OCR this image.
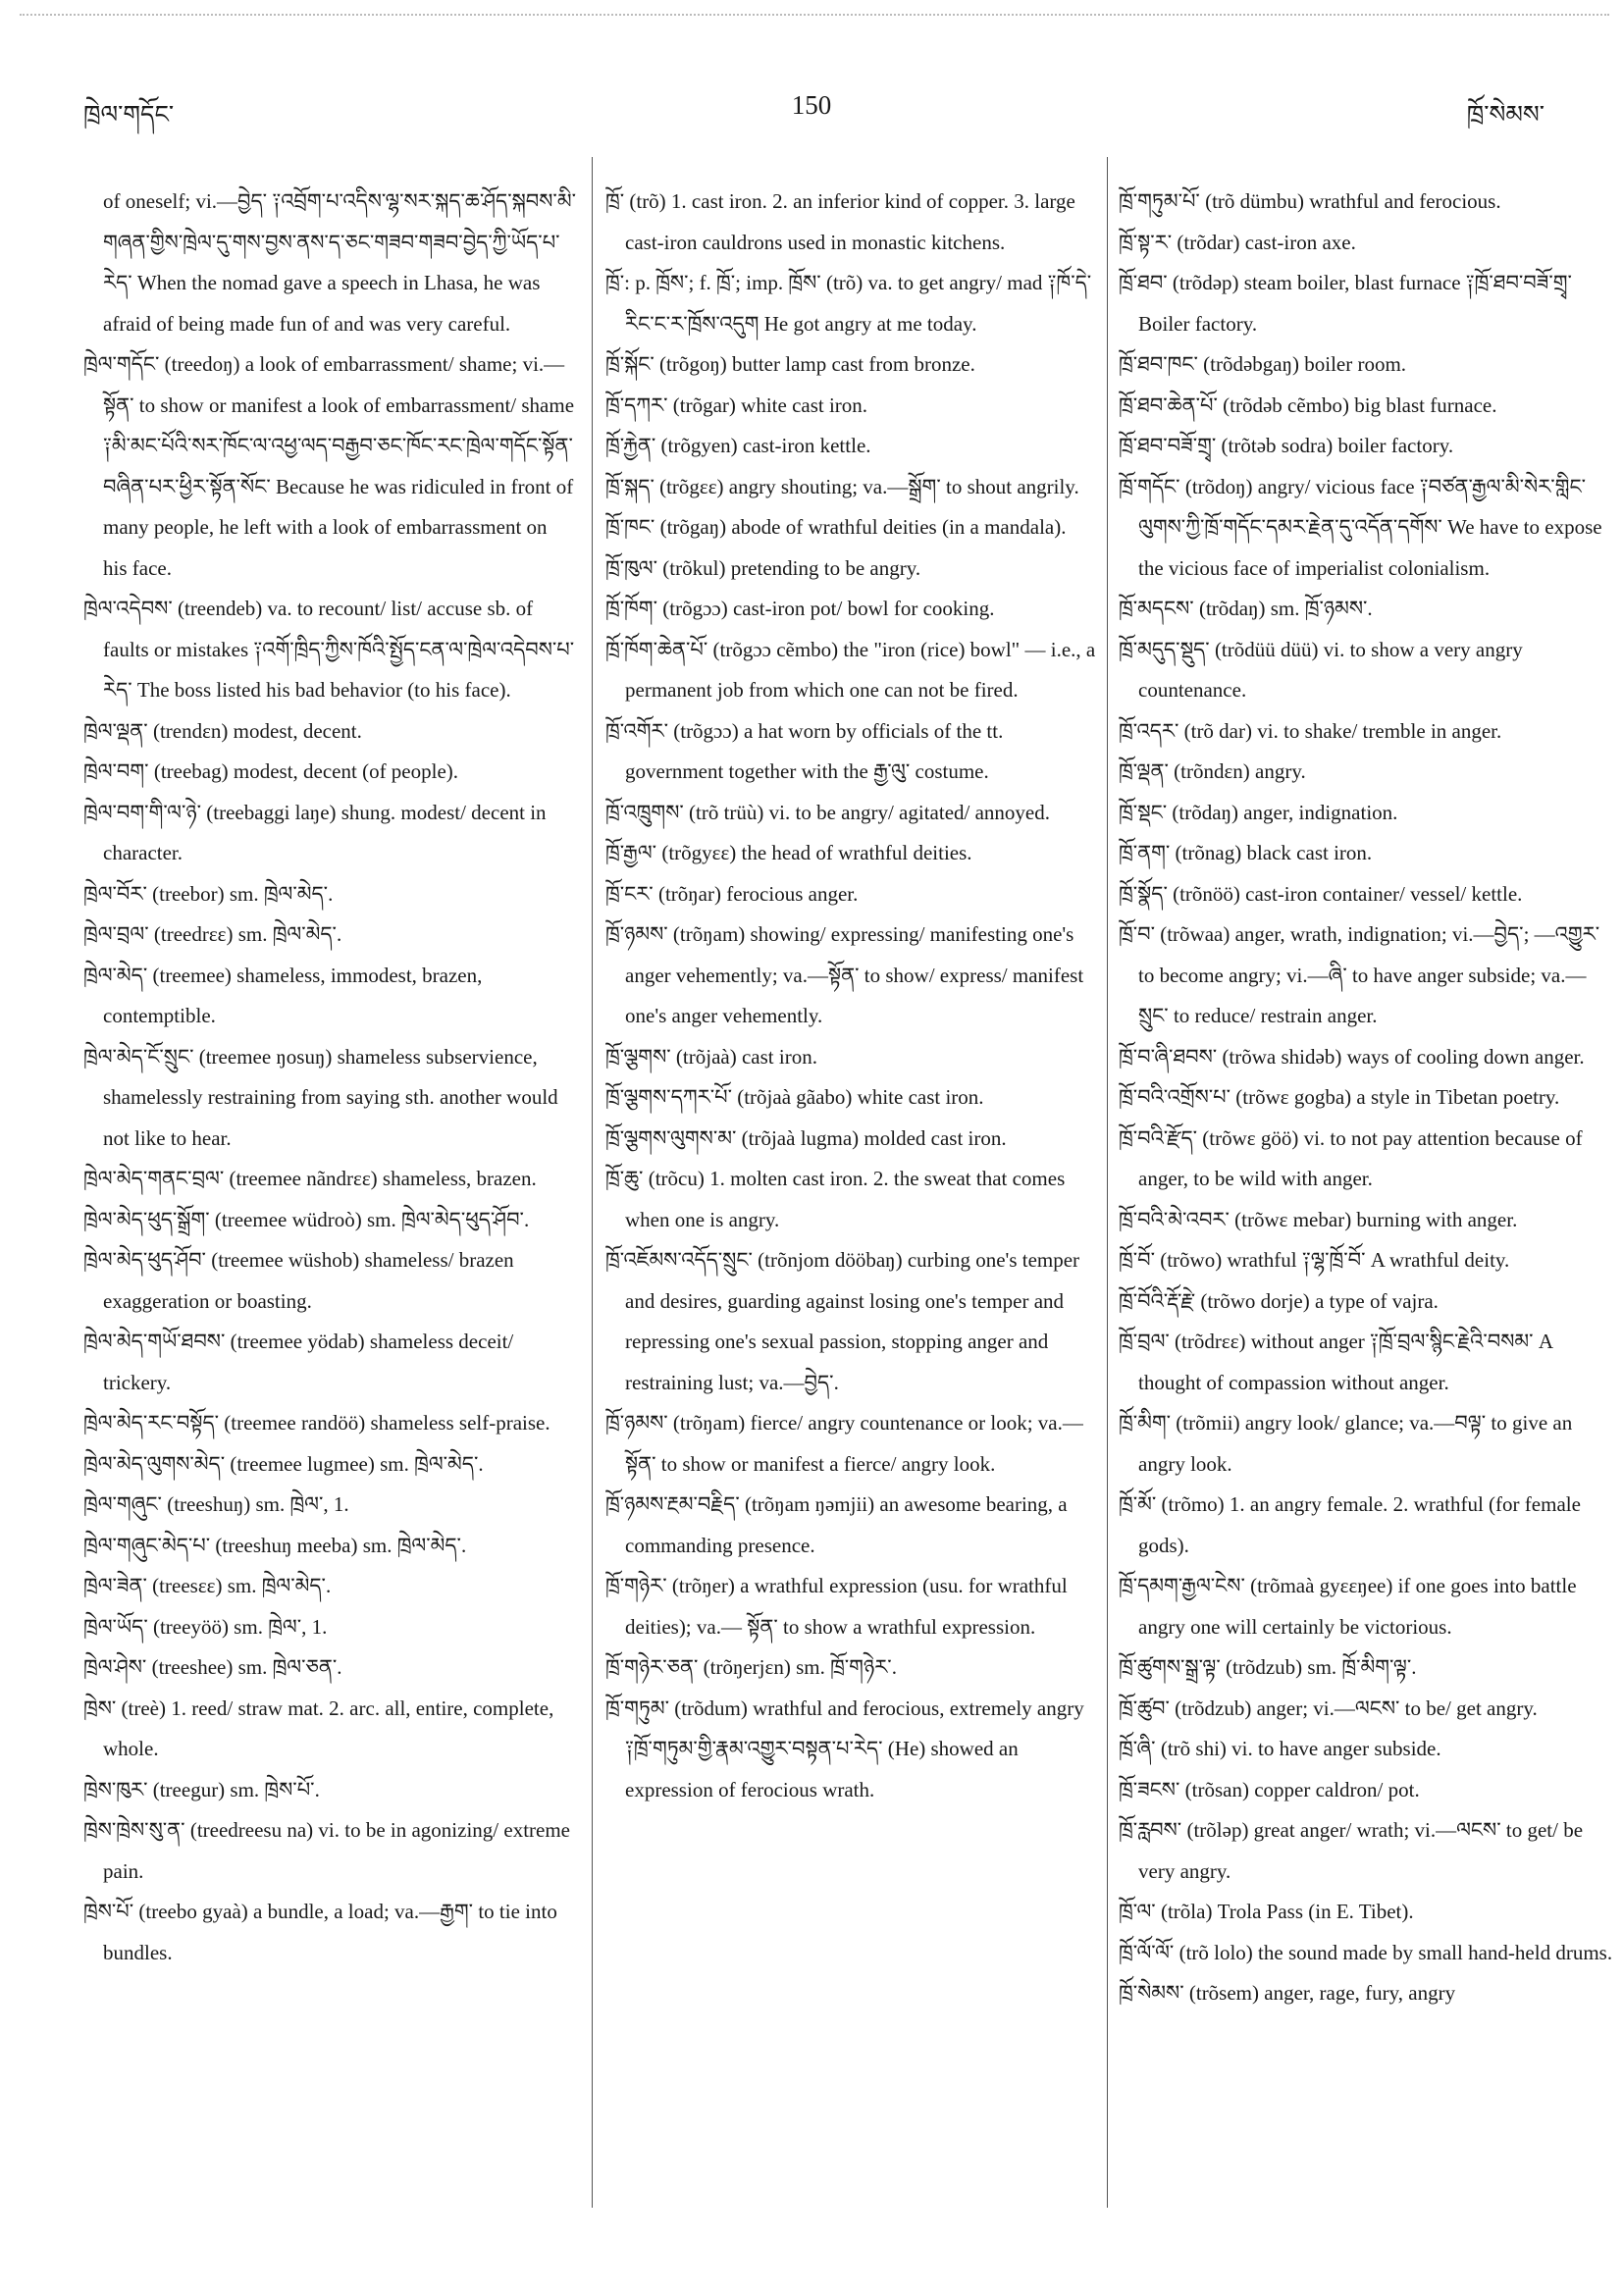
ཁྲེལ་གདོང་	150	ཁྲོ་སེམས་

of oneself; vi.—བྱེད་ ༑འབྲོག་པ་འདིས་ལྷ་སར་སྐད་ཆ་ཤོད་སྐབས་མི་གཞན་གྱིས་ཁྲེལ་དུ་གས་བྱས་ནས་ད་ཅང་གཟབ་གཟབ་བྱེད་ཀྱི་ཡོད་པ་རེད་ When the nomad gave a speech in Lhasa, he was afraid of being made fun of and was very careful.

ཁྲེལ་གདོང་ (treedoŋ) a look of embarrassment/ shame; vi.—སྟོན་ to show or manifest a look of embarrassment/ shame ༑མི་མང་པོའི་སར་ཁོང་ལ་འཕྱ་ལད་བརྒྱབ་ཅང་ཁོང་རང་ཁྲེལ་གདོང་སྟོན་བཞིན་པར་ཕྱིར་སྟོན་སོང་ Because he was ridiculed in front of many people, he left with a look of embarrassment on his face.

ཁྲེལ་འདེབས་ (treendeb) va. to recount/ list/ accuse sb. of faults or mistakes ༑འགོ་ཁྲིད་ཀྱིས་ཁོའི་སྤྱོད་ངན་ལ་ཁྲེལ་འདེབས་པ་རེད་ The boss listed his bad behavior (to his face).

ཁྲེལ་ལྡན་ (trendɛn) modest, decent.

ཁྲེལ་བག་ (treebag) modest, decent (of people).

ཁྲེལ་བག་གི་ལ་ཉེ་ (treebaggi laŋe) shung. modest/ decent in character.

ཁྲེལ་བོར་ (treebor) sm. ཁྲེལ་མེད་.

ཁྲེལ་བྲལ་ (treedrɛɛ) sm. ཁྲེལ་མེད་.

ཁྲེལ་མེད་ (treemee) shameless, immodest, brazen, contemptible.

ཁྲེལ་མེད་ངོ་སྲུང་ (treemee ŋosuŋ) shameless subservience, shamelessly restraining from saying sth. another would not like to hear.

ཁྲེལ་མེད་གནང་བྲལ་ (treemee nãndrɛɛ) shameless, brazen.

ཁྲེལ་མེད་ཕུད་སྒྲོག་ (treemee wüdroò) sm. ཁྲེལ་མེད་ཕུད་ཤོབ་.

ཁྲེལ་མེད་ཕུད་ཤོབ་ (treemee wüshob) shameless/ brazen exaggeration or boasting.

ཁྲེལ་མེད་གཡོ་ཐབས་ (treemee yödab) shameless deceit/ trickery.

ཁྲེལ་མེད་རང་བསྟོད་ (treemee randöö) shameless self-praise.

ཁྲེལ་མེད་ལུགས་མེད་ (treemee lugmee) sm. ཁྲེལ་མེད་.

ཁྲེལ་གཞུང་ (treeshuŋ) sm. ཁྲེལ་, 1.

ཁྲེལ་གཞུང་མེད་པ་ (treeshuŋ meeba) sm. ཁྲེལ་མེད་.

ཁྲེལ་ཟེན་ (treesɛɛ) sm. ཁྲེལ་མེད་.

ཁྲེལ་ཡོད་ (treeyöö) sm. ཁྲེལ་, 1.

ཁྲེལ་ཤེས་ (treeshee) sm. ཁྲེལ་ཅན་.

ཁྲེས་ (treè) 1. reed/ straw mat. 2. arc. all, entire, complete, whole.

ཁྲེས་ཁུར་ (treegur) sm. ཁྲེས་པོ་.

ཁྲེས་ཁྲེས་སུ་ན་ (treedreesu na) vi. to be in agonizing/ extreme pain.

ཁྲེས་པོ་ (treebo gyaà) a bundle, a load; va.—རྒྱག་ to tie into bundles.

ཁྲོ་ (trõ) 1. cast iron. 2. an inferior kind of copper. 3. large cast-iron cauldrons used in monastic kitchens.

ཁྲོ་: p. ཁྲོས་; f. ཁྲོ་; imp. ཁྲོས་ (trõ) va. to get angry/ mad ༑ཁོ་དེ་རིང་ང་ར་ཁྲོས་འདུག He got angry at me today.

ཁྲོ་སྐོང་ (trõgoŋ) butter lamp cast from bronze.

ཁྲོ་དཀར་ (trõgar) white cast iron.

ཁྲོ་རྐྱེན་ (trõgyen) cast-iron kettle.

ཁྲོ་སྐད་ (trõgɛɛ) angry shouting; va.—སྒྲོག་ to shout angrily.

ཁྲོ་ཁང་ (trõgaŋ) abode of wrathful deities (in a mandala).

ཁྲོ་ཁུལ་ (trõkul) pretending to be angry.

ཁྲོ་ཁོག་ (trõgɔɔ) cast-iron pot/ bowl for cooking.

ཁྲོ་ཁོག་ཆེན་པོ་ (trõgɔɔ cẽmbo) the "iron (rice) bowl" — i.e., a permanent job from which one can not be fired.

ཁྲོ་འགོར་ (trõgɔɔ) a hat worn by officials of the tt. government together with the རྒྱ་ལུ་ costume.

ཁྲོ་འཁྲུགས་ (trõ trüù) vi. to be angry/ agitated/ annoyed.

ཁྲོ་རྒྱལ་ (trõgyɛɛ) the head of wrathful deities.

ཁྲོ་ངར་ (trõŋar) ferocious anger.

ཁྲོ་ཉམས་ (trõŋam) showing/ expressing/ manifesting one's anger vehemently; va.—སྟོན་ to show/ express/ manifest one's anger vehemently.

ཁྲོ་ལྕགས་ (trõjaà) cast iron.

ཁྲོ་ལྕགས་དཀར་པོ་ (trõjaà gãabo) white cast iron.

ཁྲོ་ལྕགས་ལུགས་མ་ (trõjaà lugma) molded cast iron.

ཁྲོ་ཆུ་ (trõcu) 1. molten cast iron. 2. the sweat that comes when one is angry.

ཁྲོ་འཇོམས་འདོད་སྲུང་ (trõnjom dööbaŋ) curbing one's temper and desires, guarding against losing one's temper and repressing one's sexual passion, stopping anger and restraining lust; va.—བྱེད་.

ཁྲོ་ཉམས་ (trõŋam) fierce/ angry countenance or look; va.—སྟོན་ to show or manifest a fierce/ angry look.

ཁྲོ་ཉམས་རྔམ་བརྗིད་ (trõŋam ŋəmjii) an awesome bearing, a commanding presence.

ཁྲོ་གཉེར་ (trõŋer) a wrathful expression (usu. for wrathful deities); va.— སྟོན་ to show a wrathful expression.

ཁྲོ་གཉེར་ཅན་ (trõŋerjɛn) sm. ཁྲོ་གཉེར་.

ཁྲོ་གཏུམ་ (trõdum) wrathful and ferocious, extremely angry ༑ཁྲོ་གཏུམ་གྱི་རྣམ་འགྱུར་བསྟན་པ་རེད་ (He) showed an expression of ferocious wrath.

ཁྲོ་གཏུམ་པོ་ (trõ dümbu) wrathful and ferocious.

ཁྲོ་སྟ་ར་ (trõdar) cast-iron axe.

ཁྲོ་ཐབ་ (trõdəp) steam boiler, blast furnace ༑ཁྲོ་ཐབ་བཟོ་གྲྭ་ Boiler factory.

ཁྲོ་ཐབ་ཁང་ (trõdəbgaŋ) boiler room.

ཁྲོ་ཐབ་ཆེན་པོ་ (trõdəb cẽmbo) big blast furnace.

ཁྲོ་ཐབ་བཟོ་གྲྭ་ (trõtəb sodra) boiler factory.

ཁྲོ་གདོང་ (trõdoŋ) angry/ vicious face ༑བཙན་རྒྱལ་མི་སེར་གླིང་ལུགས་ཀྱི་ཁྲོ་གདོང་དམར་རྗེན་དུ་འདོན་དགོས་ We have to expose the vicious face of imperialist colonialism.

ཁྲོ་མདངས་ (trõdaŋ) sm. ཁྲོ་ཉམས་.

ཁྲོ་མདུད་སྡུད་ (trõdüü düü) vi. to show a very angry countenance.

ཁྲོ་འདར་ (trõ dar) vi. to shake/ tremble in anger.

ཁྲོ་ལྡན་ (trõndɛn) angry.

ཁྲོ་སྡང་ (trõdaŋ) anger, indignation.

ཁྲོ་ནག་ (trõnag) black cast iron.

ཁྲོ་སྣོད་ (trõnöö) cast-iron container/ vessel/ kettle.

ཁྲོ་བ་ (trõwaa) anger, wrath, indignation; vi.—བྱེད་; —འགྱུར་ to become angry; vi.—ཞི་ to have anger subside; va.—སྲུང་ to reduce/ restrain anger.

ཁྲོ་བ་ཞི་ཐབས་ (trõwa shidəb) ways of cooling down anger.

ཁྲོ་བའི་འགྲོས་པ་ (trõwɛ gogba) a style in Tibetan poetry.

ཁྲོ་བའི་རྫོད་ (trõwɛ göö) vi. to not pay attention because of anger, to be wild with anger.

ཁྲོ་བའི་མེ་འབར་ (trõwɛ mebar) burning with anger.

ཁྲོ་བོ་ (trõwo) wrathful ༑ལྷ་ཁྲོ་བོ་ A wrathful deity.

ཁྲོ་བོའི་རྡོ་རྗེ་ (trõwo dorje) a type of vajra.

ཁྲོ་བྲལ་ (trõdrɛɛ) without anger ༑ཁྲོ་བྲལ་སྙིང་རྗེའི་བསམ་ A thought of compassion without anger.

ཁྲོ་མིག་ (trõmii) angry look/ glance; va.—བལྟ་ to give an angry look.

ཁྲོ་མོ་ (trõmo) 1. an angry female. 2. wrathful (for female gods).

ཁྲོ་དམག་རྒྱལ་ངེས་ (trõmaà gyɛɛŋee) if one goes into battle angry one will certainly be victorious.

ཁྲོ་ཚུགས་སྒྲ་ལྟ་ (trõdzub) sm. ཁྲོ་མིག་ལྟ་.

ཁྲོ་ཚུབ་ (trõdzub) anger; vi.—ལངས་ to be/ get angry.

ཁྲོ་ཞི་ (trõ shi) vi. to have anger subside.

ཁྲོ་ཟངས་ (trõsan) copper caldron/ pot.

ཁྲོ་རླབས་ (trõləp) great anger/ wrath; vi.—ལངས་ to get/ be very angry.

ཁྲོ་ལ་ (trõla) Trola Pass (in E. Tibet).

ཁྲོ་ལོ་ལོ་ (trõ lolo) the sound made by small hand-held drums.

ཁྲོ་སེམས་ (trõsem) anger, rage, fury, angry
